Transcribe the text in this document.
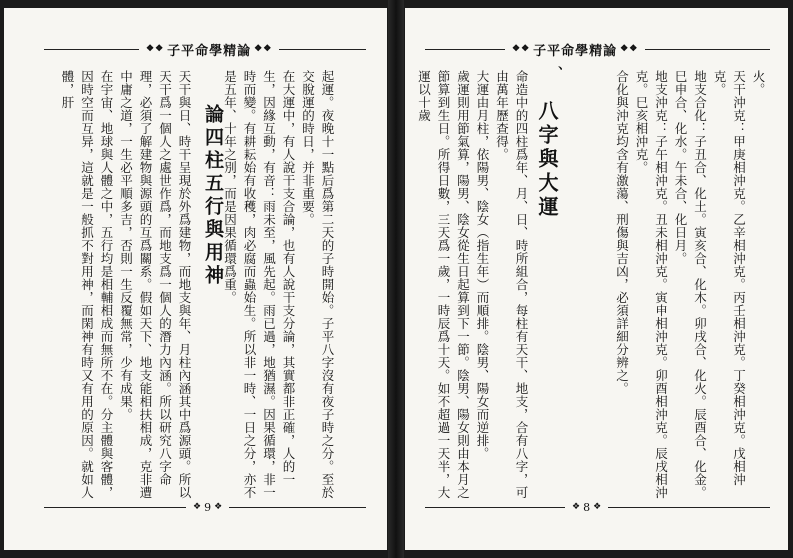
❖❖ 子平命學精論 ❖❖
起運。夜晚十一點后爲第二天的子時開始。子平八字沒有夜子時之分。至於交脫運的時日，并非重要。
在大運中，有人說干支合論，也有人說干支分論，其實都非正確，人的一生，因緣互動，有音：雨未至，風先起。雨已過，地猶濕。因果循環，非一時而變。有耕耘始有收穫，肉必腐而蟲始生。所以非一時、一日之分，亦不是五年、十年之別，而是因果循環爲重。
論四柱五行與用神
天干與日、時干呈現於外爲建物，而地支與年、月柱內涵其中爲源頭。所以天干爲一個人之處世作爲，而地支爲一個人的潛力內涵。所以研究八字命理，必須了解建物與源頭的互爲關系。假如天下、地支能相扶相成，克非遭中庸之道，一生必平順多吉，否則一生反覆無常，少有成果。
在宇宙、地球與人體之中，五行均是相輔相成而無所不在。分主體與客體，因時空而互异，這就是一般抓不對用神，而閑神有時又有用的原因。就如人體，肝
❖ 9 ❖
❖❖ 子平命學精論 ❖❖
火。
天干沖克：甲庚相沖克。乙辛相沖克。丙壬相沖克。丁癸相沖克。戊相沖克。
地支合化：子丑合、化土。寅亥合、化木。卯戌合、化火。辰酉合、化金。巳申合、化水。午未合、化日月。
地支沖克：子午相沖克。丑未相沖克。寅申相沖克。卯酉相沖克。辰戌相沖克。巳亥相沖克。
合化與沖克均含有激蕩、刑傷與吉凶，必須詳細分辨之。
、
八字與大運
命造中的四柱爲年、月、日、時所組合，每柱有天干、地支，合有八字，可由萬年歷查得。
大運由月柱，依陽男、陰女（指生年）而順排。陰男、陽女而逆排。
歲運則用節氣算，陽男、陰女從生日起算到下一節。陰男、陽女則由本月之節算到生日。所得日數，三天爲一歲，一時辰爲十天。如不超過一天半，大運以十歲
❖ 8 ❖
